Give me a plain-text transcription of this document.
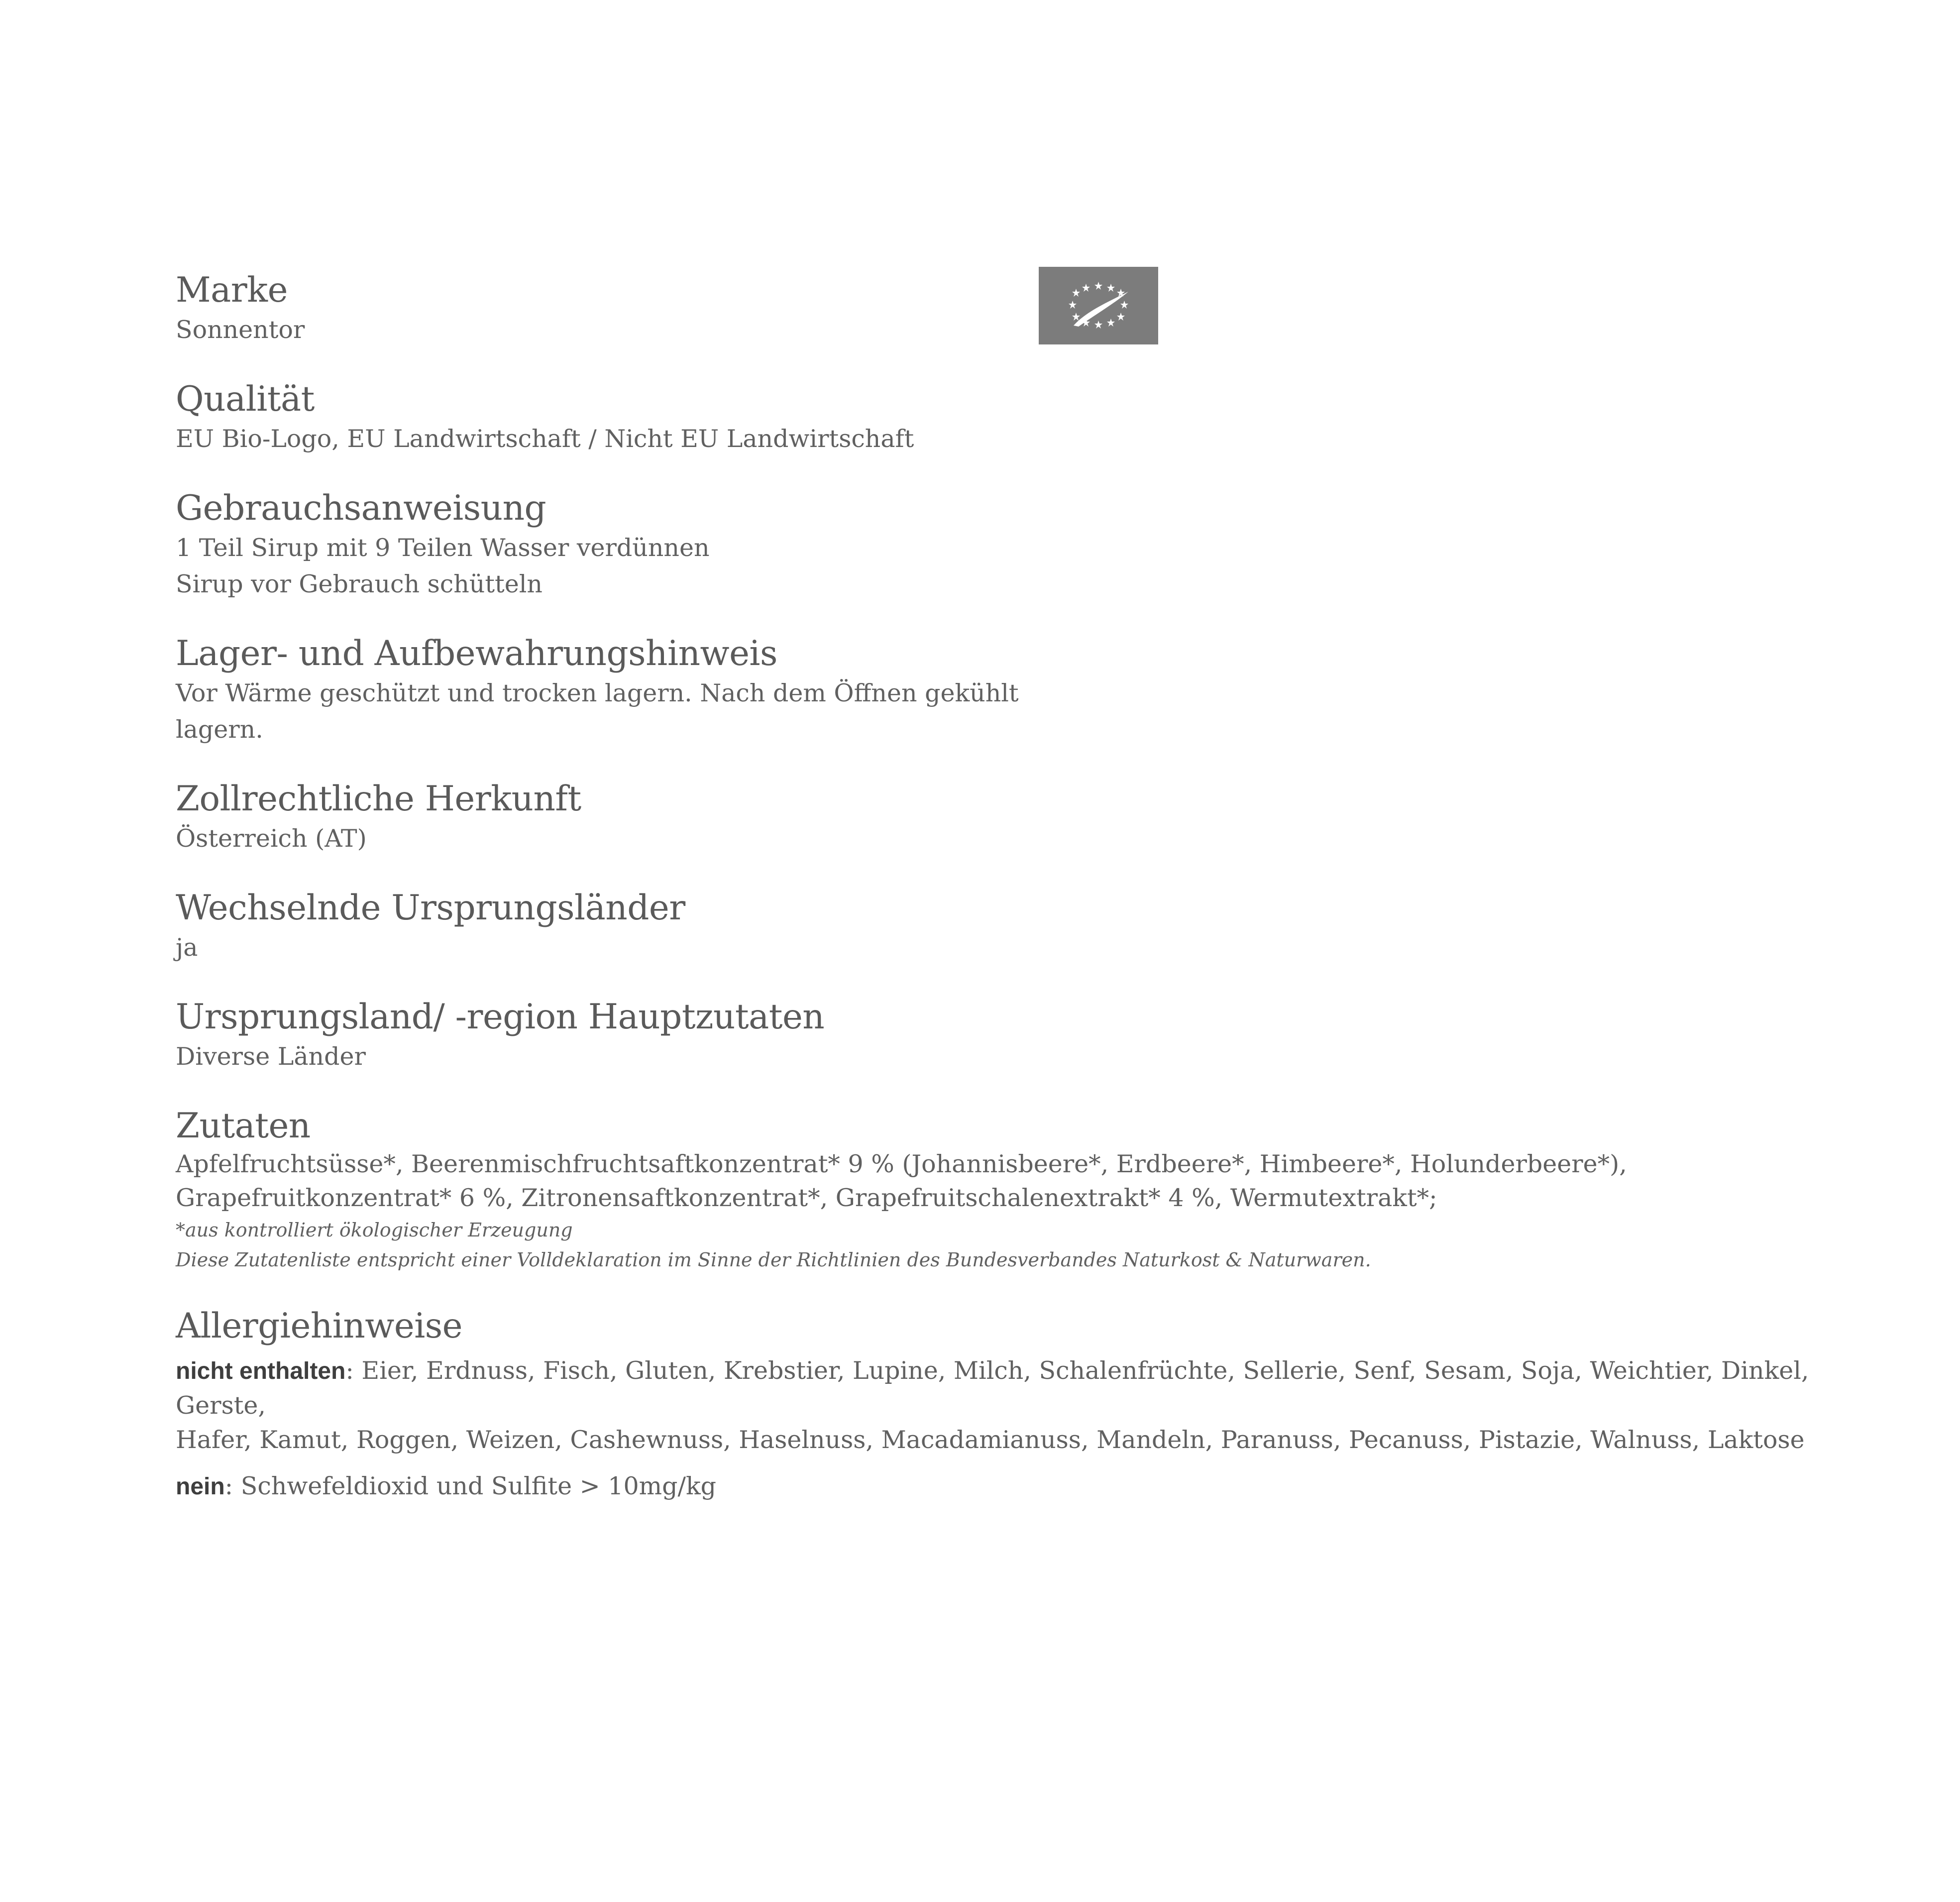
Marke

Sonnentor

Qualität

EU Bio-Logo, EU Landwirtschaft / Nicht EU Landwirtschaft

Gebrauchsanweisung

1 Teil Sirup mit 9 Teilen Wasser verdünnen

Sirup vor Gebrauch schütteln

Lager- und Aufbewahrungshinweis

Vor Wärme geschützt und trocken lagern. Nach dem Öffnen gekühlt

lagern.

Zollrechtliche Herkunft

Österreich (AT)

Wechselnde Ursprungsländer

ja

Ursprungsland/ -region Hauptzutaten

Diverse Länder

Zutaten

Apfelfruchtsüsse*, Beerenmischfruchtsaftkonzentrat* 9 % (Johannisbeere*, Erdbeere*, Himbeere*, Holunderbeere*),

Grapefruitkonzentrat* 6 %, Zitronensaftkonzentrat*, Grapefruitschalenextrakt* 4 %, Wermutextrakt*;

*aus kontrolliert ökologischer Erzeugung

Diese Zutatenliste entspricht einer Volldeklaration im Sinne der Richtlinien des Bundesverbandes Naturkost & Naturwaren.

Allergiehinweise

nicht enthalten: Eier, Erdnuss, Fisch, Gluten, Krebstier, Lupine, Milch, Schalenfrüchte, Sellerie, Senf, Sesam, Soja, Weichtier, Dinkel, Gerste,

Hafer, Kamut, Roggen, Weizen, Cashewnuss, Haselnuss, Macadamianuss, Mandeln, Paranuss, Pecanuss, Pistazie, Walnuss, Laktose

nein: Schwefeldioxid und Sulfite > 10mg/kg
